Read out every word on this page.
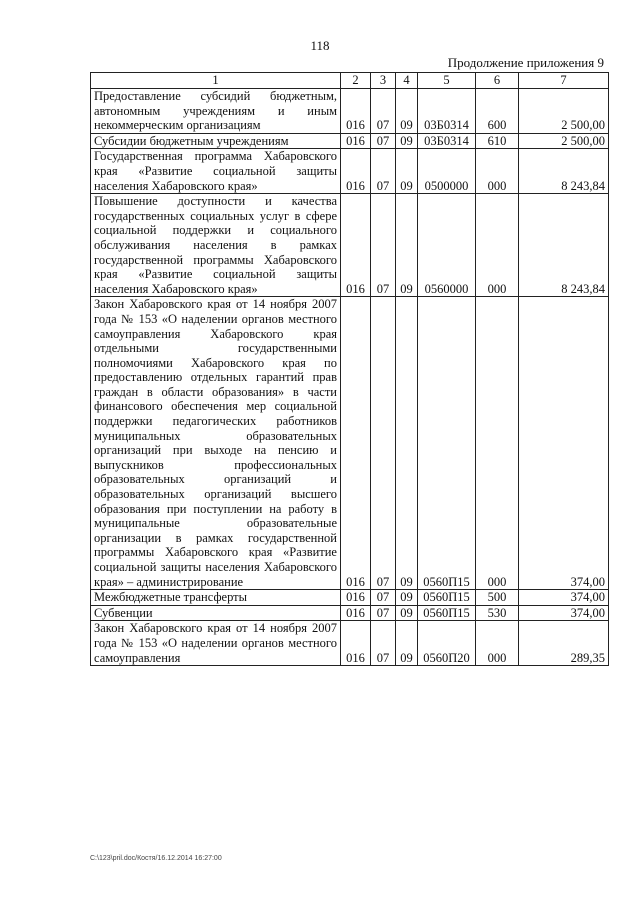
118
Продолжение приложения 9
1	2	3	4	5	6	7
Предоставление субсидий бюджетным, автономным учреждениям и иным некоммерческим организациям	016	07	09	03Б0314	600	2 500,00
Субсидии бюджетным учреждениям	016	07	09	03Б0314	610	2 500,00
Государственная программа Хабаровского края «Развитие социальной защиты населения Хабаровского края»	016	07	09	0500000	000	8 243,84
Повышение доступности и качества государственных социальных услуг в сфере социальной поддержки и социального обслуживания населения в рамках государственной программы Хабаровского края «Развитие социальной защиты населения Хабаровского края»	016	07	09	0560000	000	8 243,84
Закон Хабаровского края от 14 ноября 2007 года № 153 «О наделении органов местного самоуправления Хабаровского края отдельными государственными полномочиями Хабаровского края по предоставлению отдельных гарантий прав граждан в области образования» в части финансового обеспечения мер социальной поддержки педагогических работников муниципальных образовательных организаций при выходе на пенсию и выпускников профессиональных образовательных организаций и образовательных организаций высшего образования при поступлении на работу в муниципальные образовательные организации в рамках государственной программы Хабаровского края «Развитие социальной защиты населения Хабаровского края» – администрирование	016	07	09	0560П15	000	374,00
Межбюджетные трансферты	016	07	09	0560П15	500	374,00
Субвенции	016	07	09	0560П15	530	374,00
Закон Хабаровского края от 14 ноября 2007 года № 153 «О наделении органов местного самоуправления	016	07	09	0560П20	000	289,35
C:\123\pril.doc/Костя/16.12.2014 16:27:00
